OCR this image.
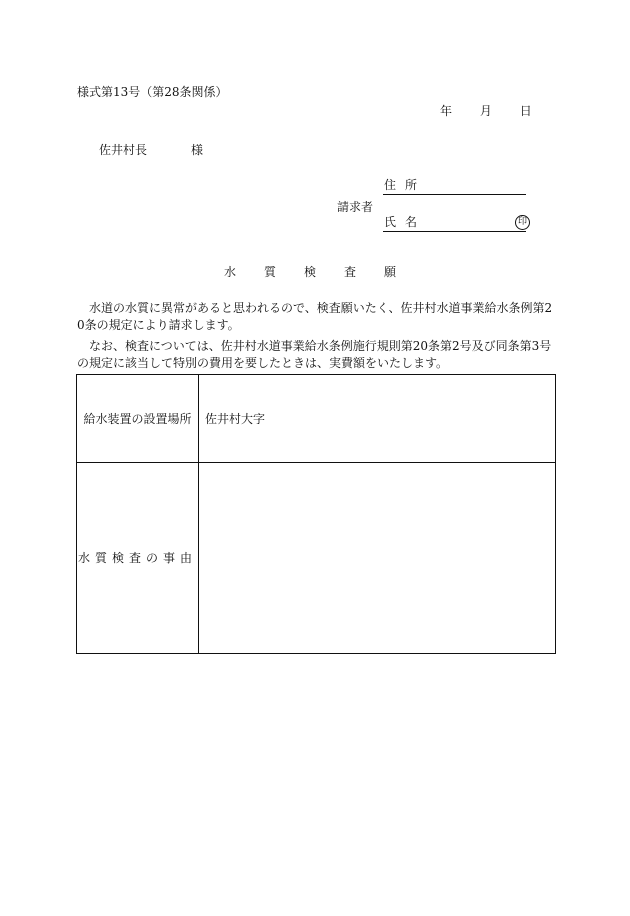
様式第13号（第28条関係）
年 月 日
佐井村長	様
住所
請求者
氏名	印
水質検査願
水道の水質に異常があると思われるので、検査願いたく、佐井村水道事業給水条例第20条の規定により請求します。
なお、検査については、佐井村水道事業給水条例施行規則第20条第2号及び同条第3号の規定に該当して特別の費用を要したときは、実費額をいたします。
給水装置の設置場所	佐井村大字
水質検査の事由
